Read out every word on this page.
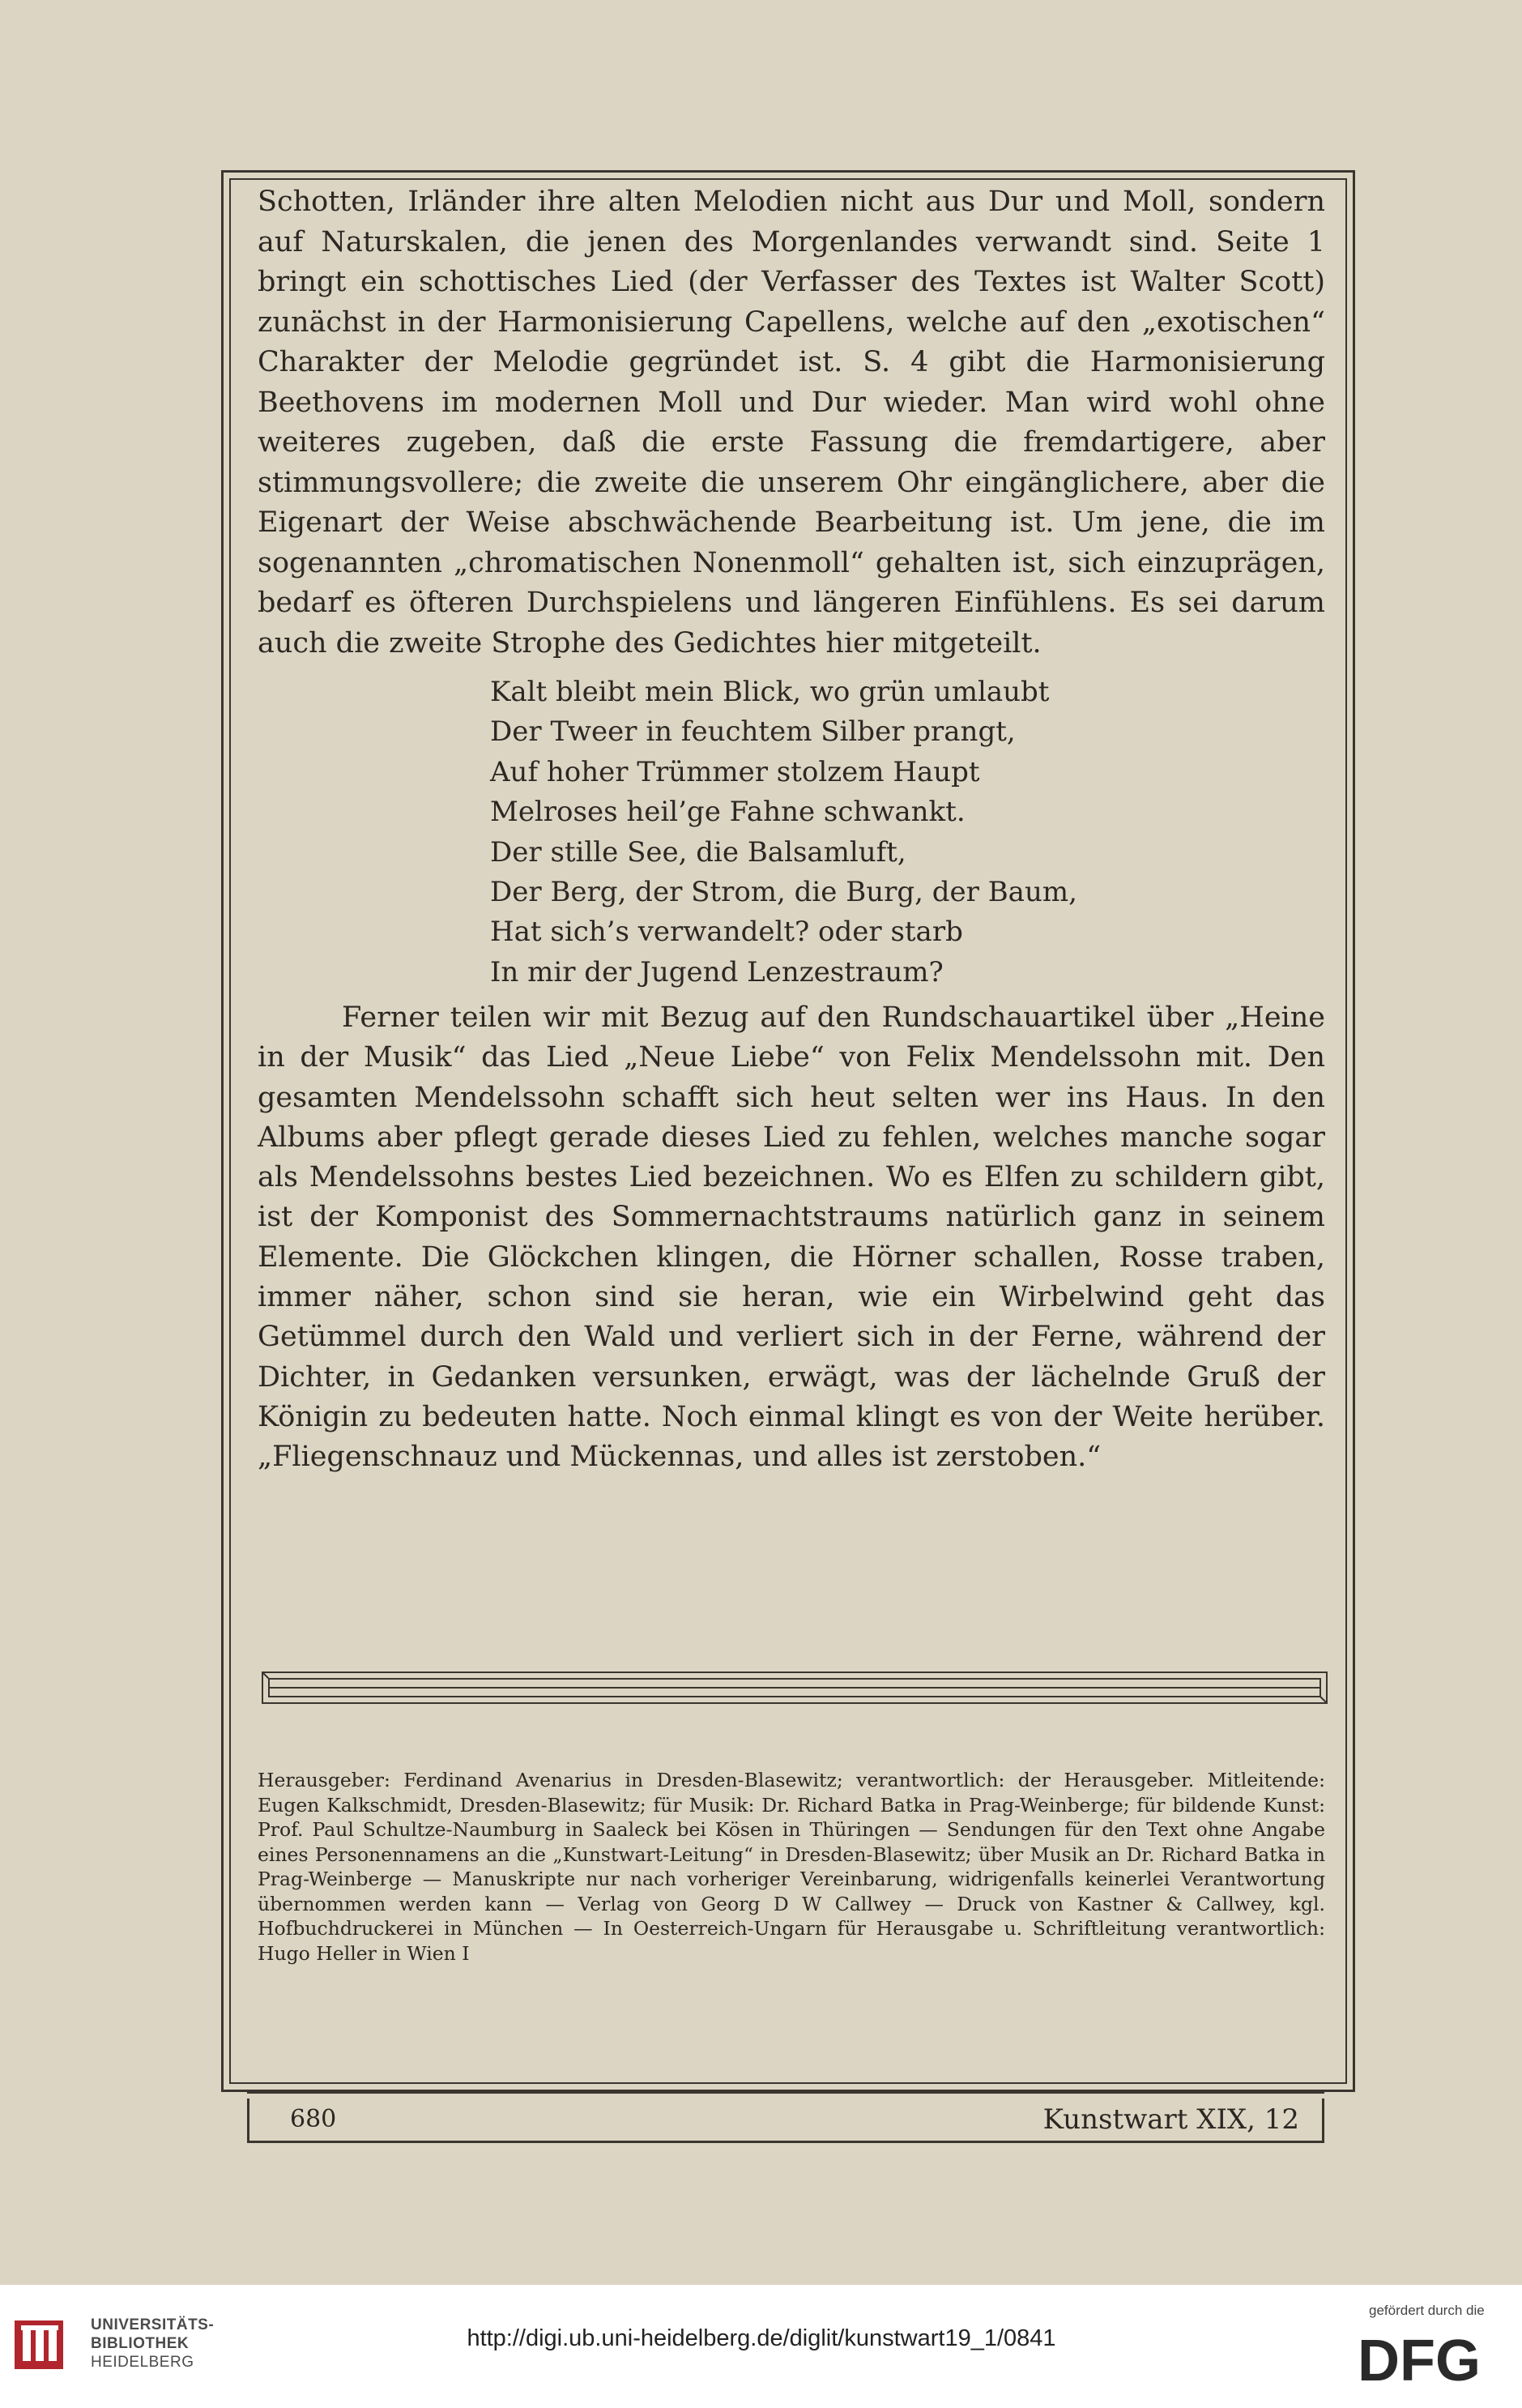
Schotten, Irländer ihre alten Melodien nicht aus Dur und Moll, sondern auf Naturskalen, die jenen des Morgenlandes verwandt sind. Seite 1 bringt ein schottisches Lied (der Verfasser des Textes ist Walter Scott) zunächst in der Harmonisierung Capellens, welche auf den „exotischen“ Charakter der Melodie gegründet ist. S. 4 gibt die Harmonisierung Beethovens im modernen Moll und Dur wieder. Man wird wohl ohne weiteres zugeben, daß die erste Fassung die fremdartigere, aber stimmungsvollere; die zweite die unserem Ohr eingänglichere, aber die Eigenart der Weise abschwächende Bearbeitung ist. Um jene, die im sogenannten „chromatischen Nonenmoll“ gehalten ist, sich einzuprägen, bedarf es öfteren Durchspielens und längeren Einfühlens. Es sei darum auch die zweite Strophe des Gedichtes hier mitgeteilt.

Kalt bleibt mein Blick, wo grün umlaubt
Der Tweer in feuchtem Silber prangt,
Auf hoher Trümmer stolzem Haupt
Melroses heil’ge Fahne schwankt.
Der stille See, die Balsamluft,
Der Berg, der Strom, die Burg, der Baum,
Hat sich’s verwandelt? oder starb
In mir der Jugend Lenzestraum?

Ferner teilen wir mit Bezug auf den Rundschauartikel über „Heine in der Musik“ das Lied „Neue Liebe“ von Felix Mendelssohn mit. Den gesamten Mendelssohn schafft sich heut selten wer ins Haus. In den Albums aber pflegt gerade dieses Lied zu fehlen, welches manche sogar als Mendelssohns bestes Lied bezeichnen. Wo es Elfen zu schildern gibt, ist der Komponist des Sommernachtstraums natürlich ganz in seinem Elemente. Die Glöckchen klingen, die Hörner schallen, Rosse traben, immer näher, schon sind sie heran, wie ein Wirbelwind geht das Getümmel durch den Wald und verliert sich in der Ferne, während der Dichter, in Gedanken versunken, erwägt, was der lächelnde Gruß der Königin zu bedeuten hatte. Noch einmal klingt es von der Weite herüber. „Fliegenschnauz und Mückennas, und alles ist zerstoben.“

Herausgeber: Ferdinand Avenarius in Dresden-Blasewitz; verantwortlich: der Herausgeber. Mitleitende: Eugen Kalkschmidt, Dresden-Blasewitz; für Musik: Dr. Richard Batka in Prag-Weinberge; für bildende Kunst: Prof. Paul Schultze-Naumburg in Saaleck bei Kösen in Thüringen — Sendungen für den Text ohne Angabe eines Personennamens an die „Kunstwart-Leitung“ in Dresden-Blasewitz; über Musik an Dr. Richard Batka in Prag-Weinberge — Manuskripte nur nach vorheriger Vereinbarung, widrigenfalls keinerlei Verantwortung übernommen werden kann — Verlag von Georg D W Callwey — Druck von Kastner & Callwey, kgl. Hofbuchdruckerei in München — In Oesterreich-Ungarn für Herausgabe u. Schriftleitung verantwortlich: Hugo Heller in Wien I

680	Kunstwart XIX, 12
UNIVERSITÄTS-
BIBLIOTHEK
HEIDELBERG
http://digi.ub.uni-heidelberg.de/diglit/kunstwart19_1/0841
gefördert durch die
DFG
